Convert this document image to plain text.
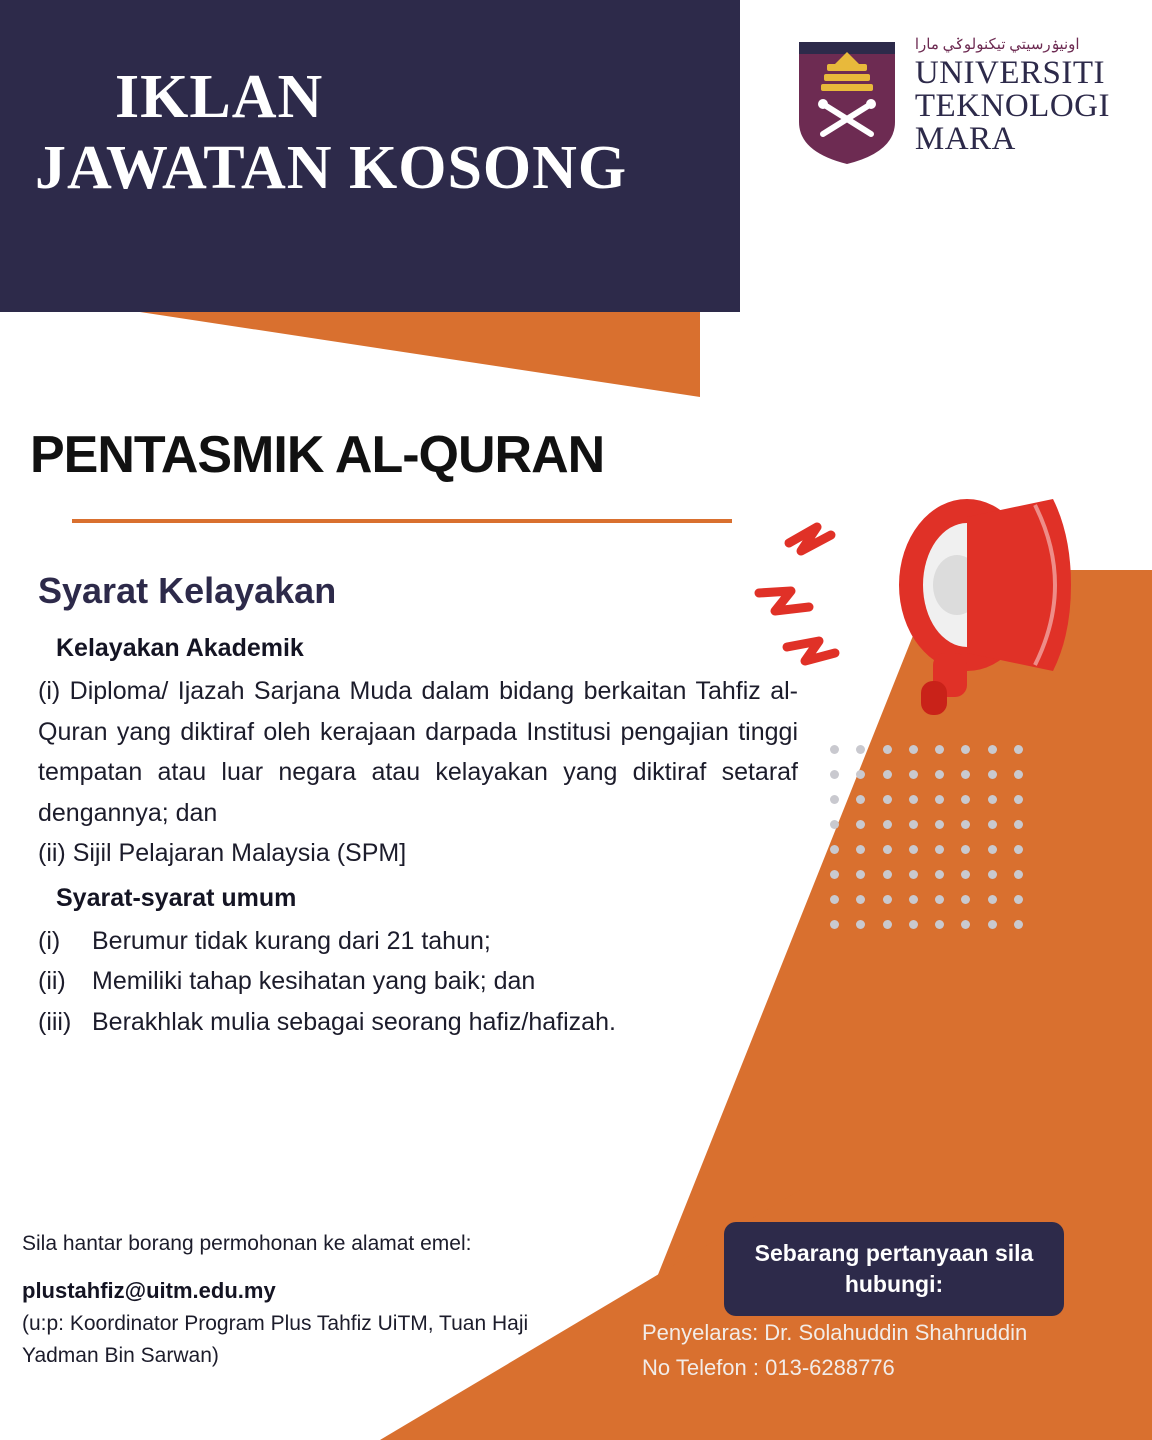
IKLAN
JAWATAN KOSONG
اونيۏرسيتي تيكنولوݢي مارا
UNIVERSITI
TEKNOLOGI
MARA
PENTASMIK AL-QURAN
Syarat Kelayakan
Kelayakan Akademik
(i) Diploma/ Ijazah Sarjana Muda dalam bidang berkaitan Tahfiz al- Quran yang diktiraf oleh kerajaan darpada Institusi pengajian tinggi tempatan atau luar negara atau kelayakan yang diktiraf setaraf dengannya; dan
(ii) Sijil Pelajaran Malaysia (SPM]
Syarat-syarat umum
(i)	Berumur tidak kurang dari 21 tahun;
(ii)	Memiliki tahap kesihatan yang baik; dan
(iii) Berakhlak mulia sebagai seorang hafiz/hafizah.
Sila hantar borang permohonan ke alamat emel:
plustahfiz@uitm.edu.my
(u:p: Koordinator Program Plus Tahfiz UiTM, Tuan Haji
Yadman Bin Sarwan)
Sebarang pertanyaan sila hubungi:
Penyelaras: Dr. Solahuddin Shahruddin
No Telefon : 013-6288776
